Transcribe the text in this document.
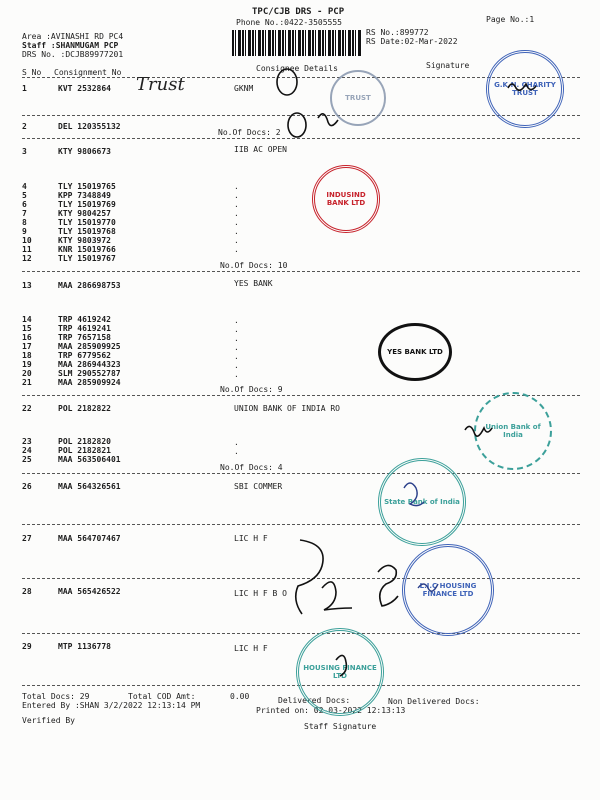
TPC/CJB DRS - PCP
Phone No.:0422-3505555	Page No.:1
Area :AVINASHI RD PC4
Staff :SHANMUGAM PCP
DRS No. :DCJB89977201
RS No.:899772
RS Date:02-Mar-2022
S No Consignment No	Consignee Details	Signature
1	KVT 2532864	GKNM
2	DEL 120355132
No.Of Docs: 2
3	KTY 9806673	IIB AC OPEN
4	TLY 15019765	.
5	KPP 7348849	.
6	TLY 15019769	.
7	KTY 9804257	.
8	TLY 15019770	.
9	TLY 15019768	.
10	KTY 9803972	.
11	KNR 15019766	.
12	TLY 15019767
No.Of Docs: 10
13	MAA 286698753	YES BANK
14	TRP 4619242	.
15	TRP 4619241	.
16	TRP 7657158	.
17	MAA 285909925	.
18	TRP 6779562	.
19	MAA 286944323	.
20	SLM 290552787	.
21	MAA 285909924
No.Of Docs: 9
22	POL 2182822	UNION BANK OF INDIA RO
23	POL 2182820	.
24	POL 2182821	.
25	MAA 563506401
No.Of Docs: 4
26	MAA 564326561	SBI COMMER
27	MAA 564707467	LIC H F
28	MAA 565426522	LIC H F B O
29	MTP 1136778	LIC H F
Total Docs: 29	Total COD Amt:	0.00	Delivered Docs:	Non Delivered Docs:
Entered By :SHAN 3/2/2022 12:13:14 PM
Printed on: 02-03-2022 12:13:13
Verified By
Staff Signature
G.K.N. CHARITY TRUST
TRUST
INDUSIND BANK LTD
YES BANK LTD
Union Bank of India
State Bank of India
L.I.C HOUSING FINANCE LTD
HOUSING FINANCE LTD
Trust
